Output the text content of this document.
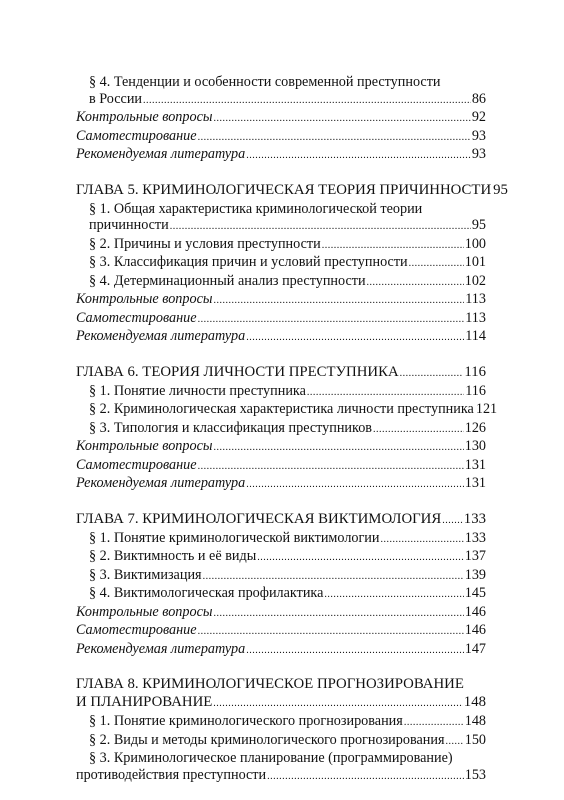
§ 4. Тенденции и особенности современной преступности
в России .....	86
Контрольные вопросы .....	92
Самотестирование .....	93
Рекомендуемая литература .....	93
ГЛАВА 5. КРИМИНОЛОГИЧЕСКАЯ ТЕОРИЯ ПРИЧИННОСТИ 95
§ 1. Общая характеристика криминологической теории
причинности .....	95
§ 2. Причины и условия преступности .....	100
§ 3. Классификация причин и условий преступности .....	101
§ 4. Детерминационный анализ преступности .....	102
Контрольные вопросы .....	113
Самотестирование .....	113
Рекомендуемая литература .....	114
ГЛАВА 6. ТЕОРИЯ ЛИЧНОСТИ ПРЕСТУПНИКА .....	116
§ 1. Понятие личности преступника .....	116
§ 2. Криминологическая характеристика личности преступника 121
§ 3. Типология и классификация преступников .....	126
Контрольные вопросы .....	130
Самотестирование .....	131
Рекомендуемая литература .....	131
ГЛАВА 7. КРИМИНОЛОГИЧЕСКАЯ ВИКТИМОЛОГИЯ ..... 133
§ 1. Понятие криминологической виктимологии .....	133
§ 2. Виктимность и её виды .....	137
§ 3. Виктимизация .....	139
§ 4. Виктимологическая профилактика .....	145
Контрольные вопросы .....	146
Самотестирование .....	146
Рекомендуемая литература .....	147
ГЛАВА 8. КРИМИНОЛОГИЧЕСКОЕ ПРОГНОЗИРОВАНИЕ
И ПЛАНИРОВАНИЕ .....	148
§ 1. Понятие криминологического прогнозирования .....	148
§ 2. Виды и методы криминологического прогнозирования ..... 150
§ 3. Криминологическое планирование (программирование)
противодействия преступности .....	153
